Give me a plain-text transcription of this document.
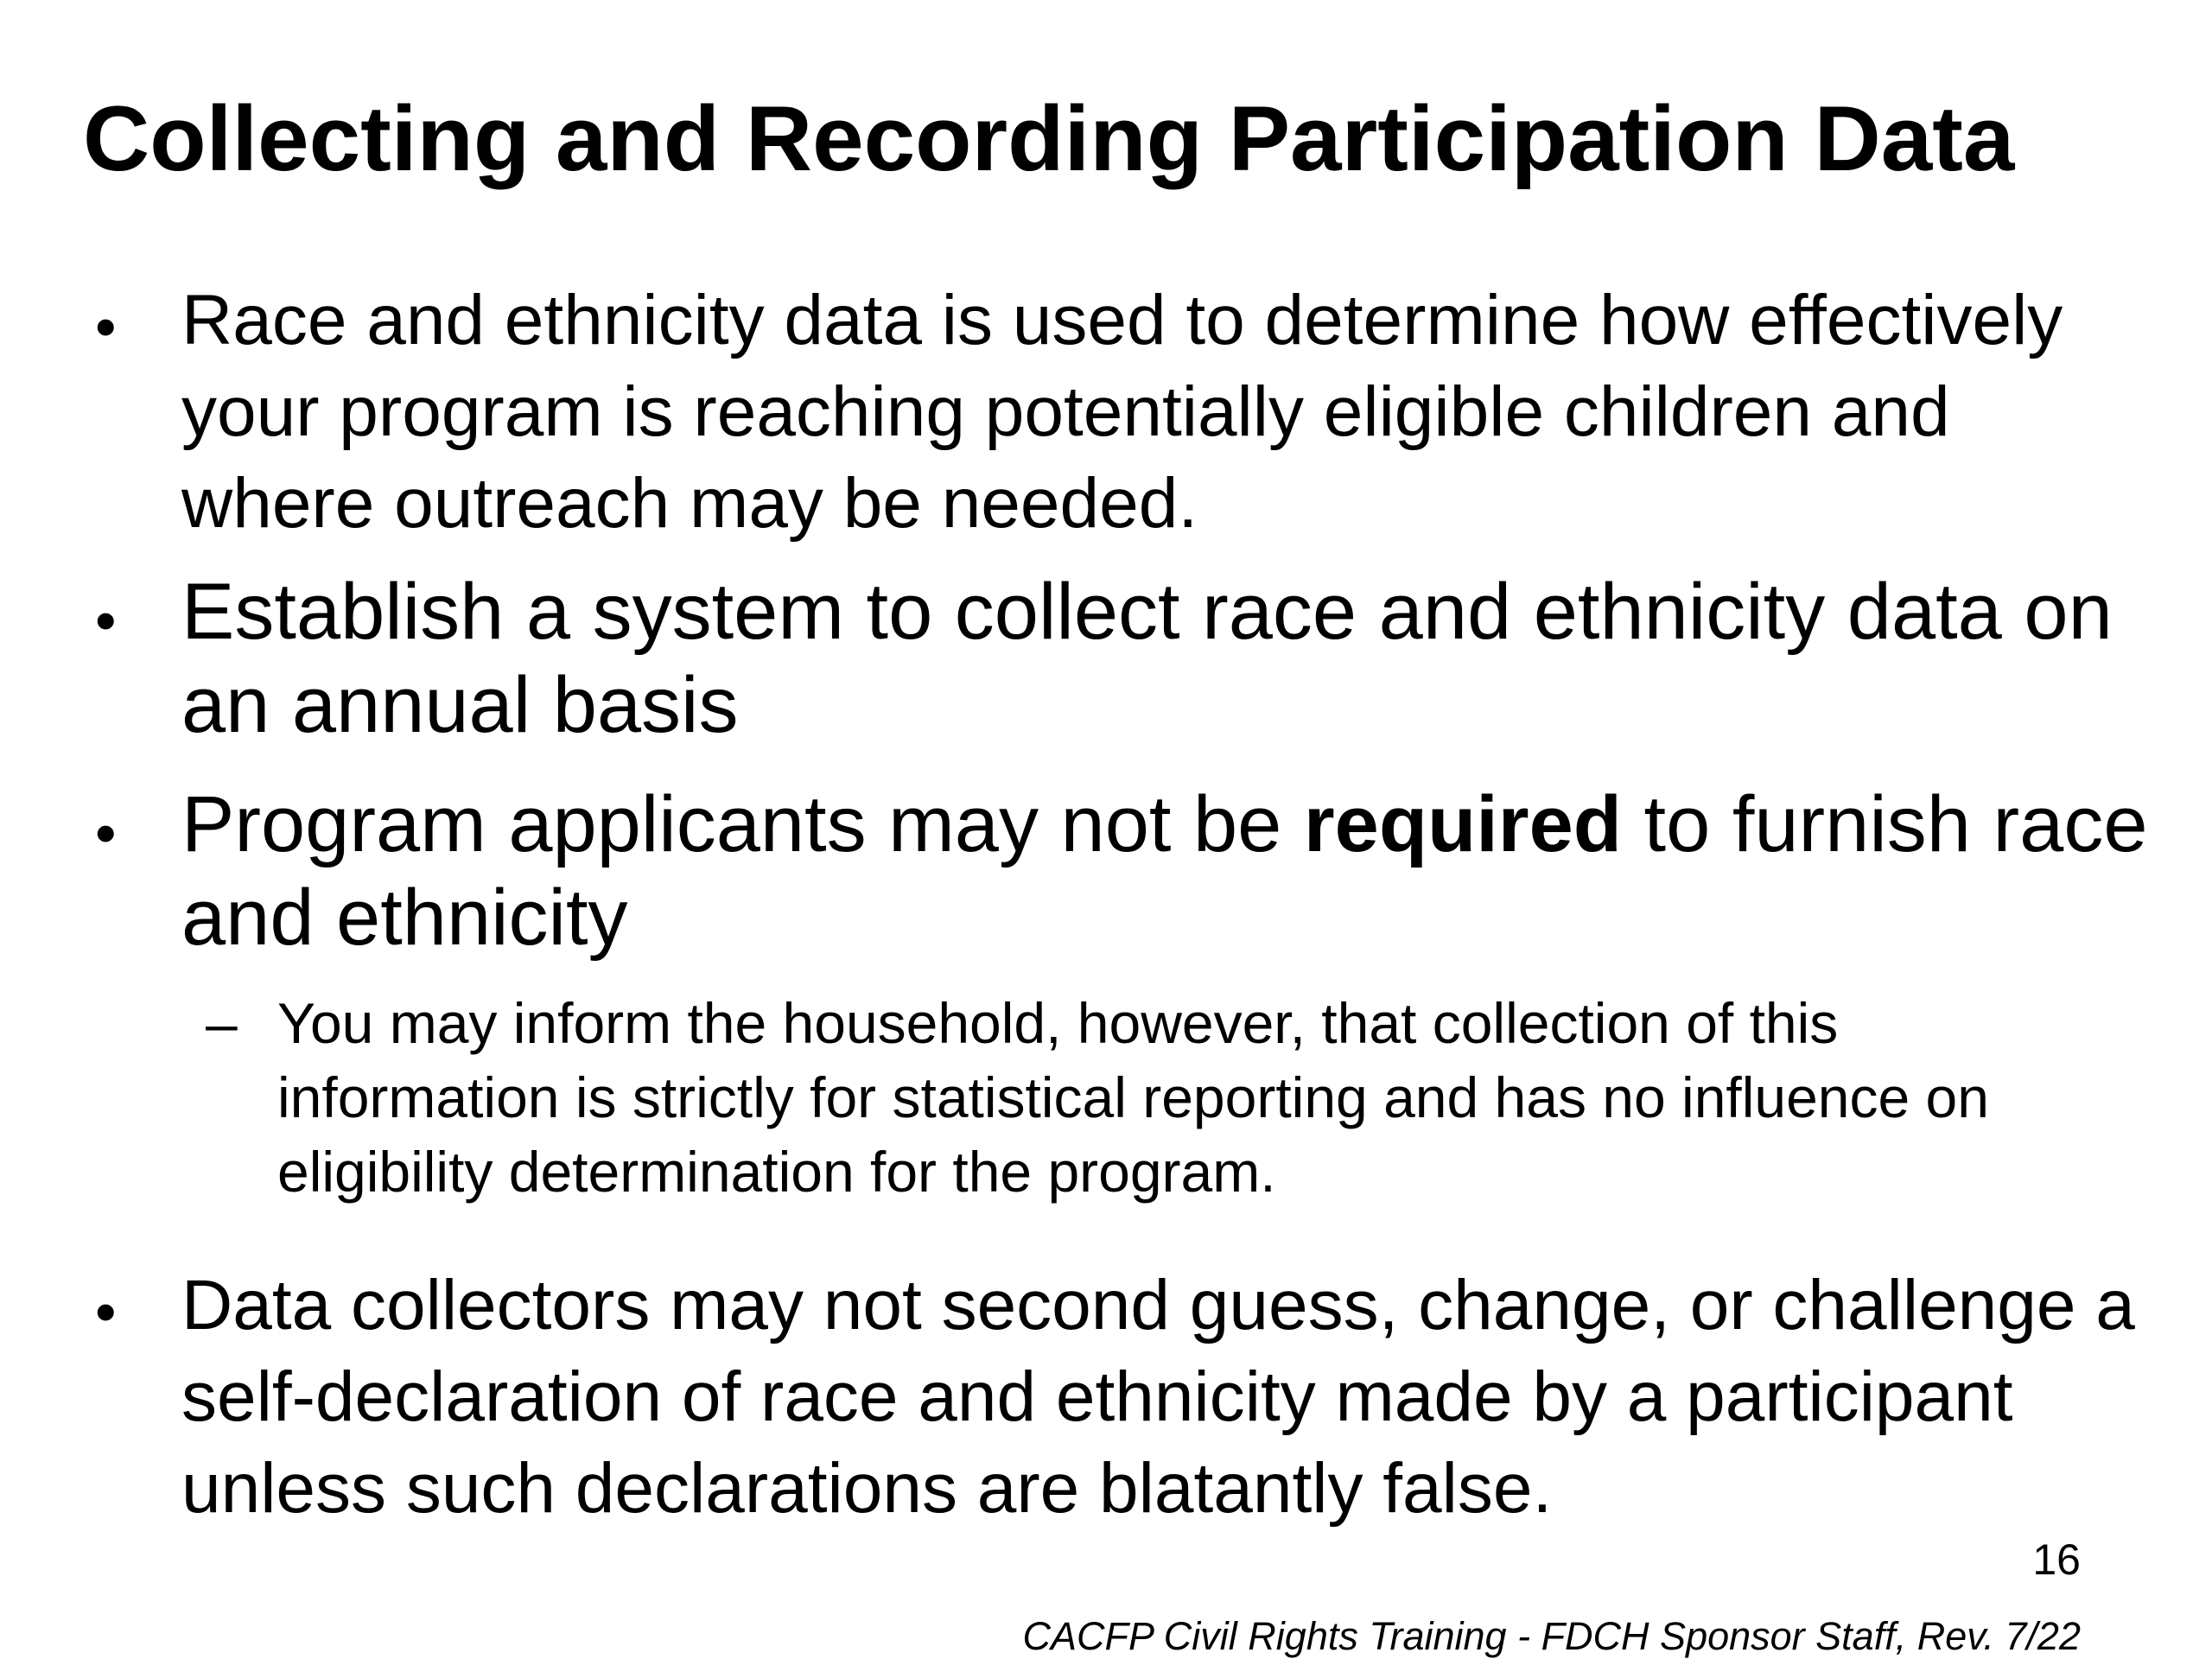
Collecting and Recording Participation Data
• Race and ethnicity data is used to determine how effectively your program is reaching potentially eligible children and where outreach may be needed.
• Establish a system to collect race and ethnicity data on an annual basis
• Program applicants may not be required to furnish race and ethnicity
– You may inform the household, however, that collection of this information is strictly for statistical reporting and has no influence on eligibility determination for the program.
• Data collectors may not second guess, change, or challenge a self-declaration of race and ethnicity made by a participant unless such declarations are blatantly false.
16
CACFP Civil Rights Training - FDCH Sponsor Staff, Rev. 7/22
